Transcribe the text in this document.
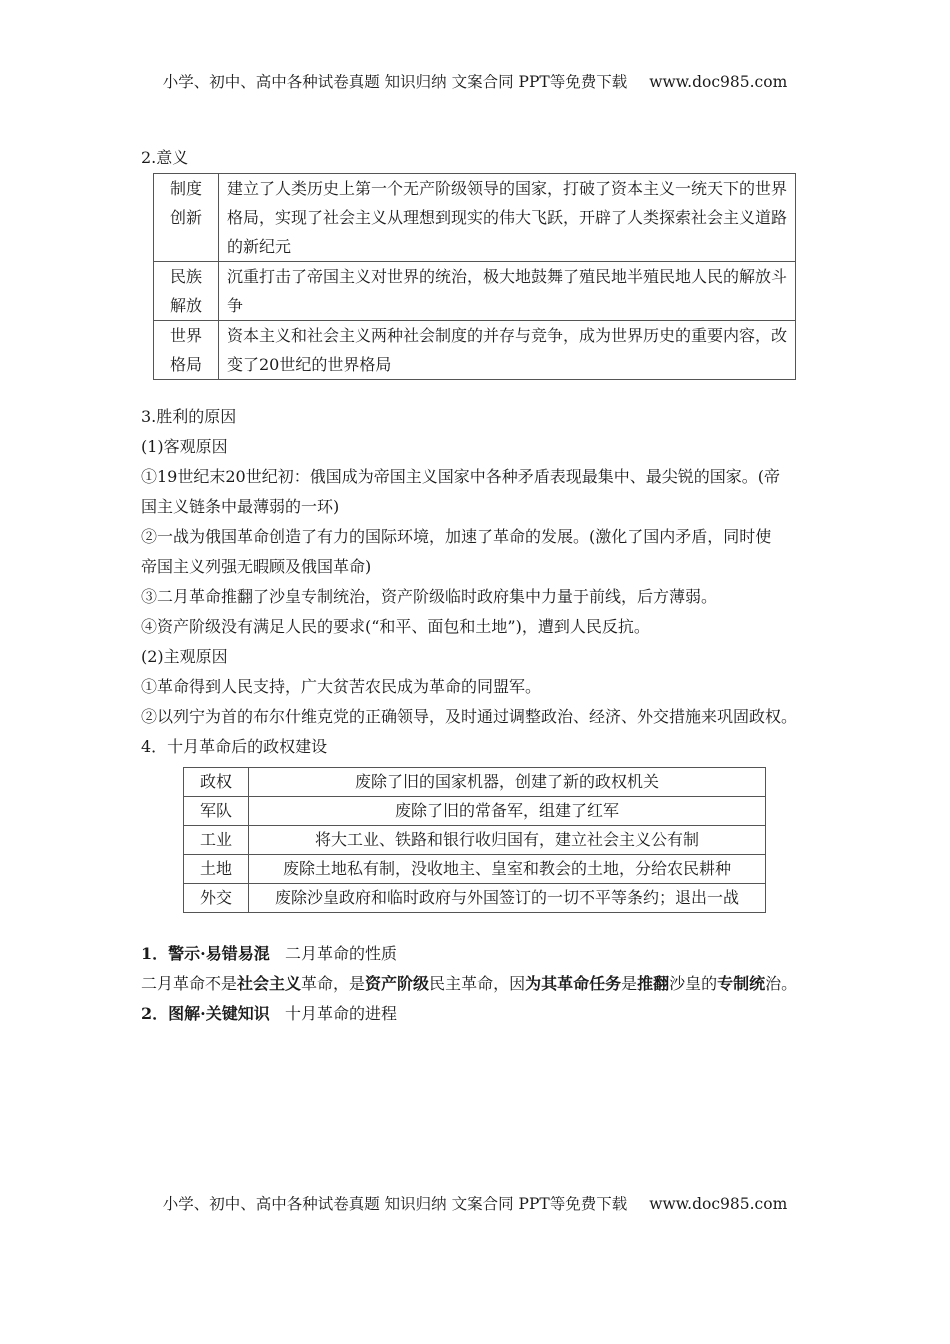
小学、初中、高中各种试卷真题 知识归纳 文案合同 PPT等免费下载 www.doc985.com
2.意义
制度创新	建立了人类历史上第一个无产阶级领导的国家，打破了资本主义一统天下的世界格局，实现了社会主义从理想到现实的伟大飞跃，开辟了人类探索社会主义道路的新纪元
民族解放	沉重打击了帝国主义对世界的统治，极大地鼓舞了殖民地半殖民地人民的解放斗争
世界格局	资本主义和社会主义两种社会制度的并存与竞争，成为世界历史的重要内容，改变了20世纪的世界格局
3.胜利的原因
(1)客观原因
①19世纪末20世纪初：俄国成为帝国主义国家中各种矛盾表现最集中、最尖锐的国家。(帝
国主义链条中最薄弱的一环)
②一战为俄国革命创造了有力的国际环境，加速了革命的发展。(激化了国内矛盾，同时使
帝国主义列强无暇顾及俄国革命)
③二月革命推翻了沙皇专制统治，资产阶级临时政府集中力量于前线，后方薄弱。
④资产阶级没有满足人民的要求(“和平、面包和土地”)，遭到人民反抗。
(2)主观原因
①革命得到人民支持，广大贫苦农民成为革命的同盟军。
②以列宁为首的布尔什维克党的正确领导，及时通过调整政治、经济、外交措施来巩固政权。
4．十月革命后的政权建设
政权	废除了旧的国家机器，创建了新的政权机关
军队	废除了旧的常备军，组建了红军
工业	将大工业、铁路和银行收归国有，建立社会主义公有制
土地	废除土地私有制，没收地主、皇室和教会的土地，分给农民耕种
外交	废除沙皇政府和临时政府与外国签订的一切不平等条约；退出一战
1．警示·易错易混 二月革命的性质
二月革命不是社会主义革命，是资产阶级民主革命，因为其革命任务是推翻沙皇的专制统治。
2．图解·关键知识 十月革命的进程
小学、初中、高中各种试卷真题 知识归纳 文案合同 PPT等免费下载 www.doc985.com
